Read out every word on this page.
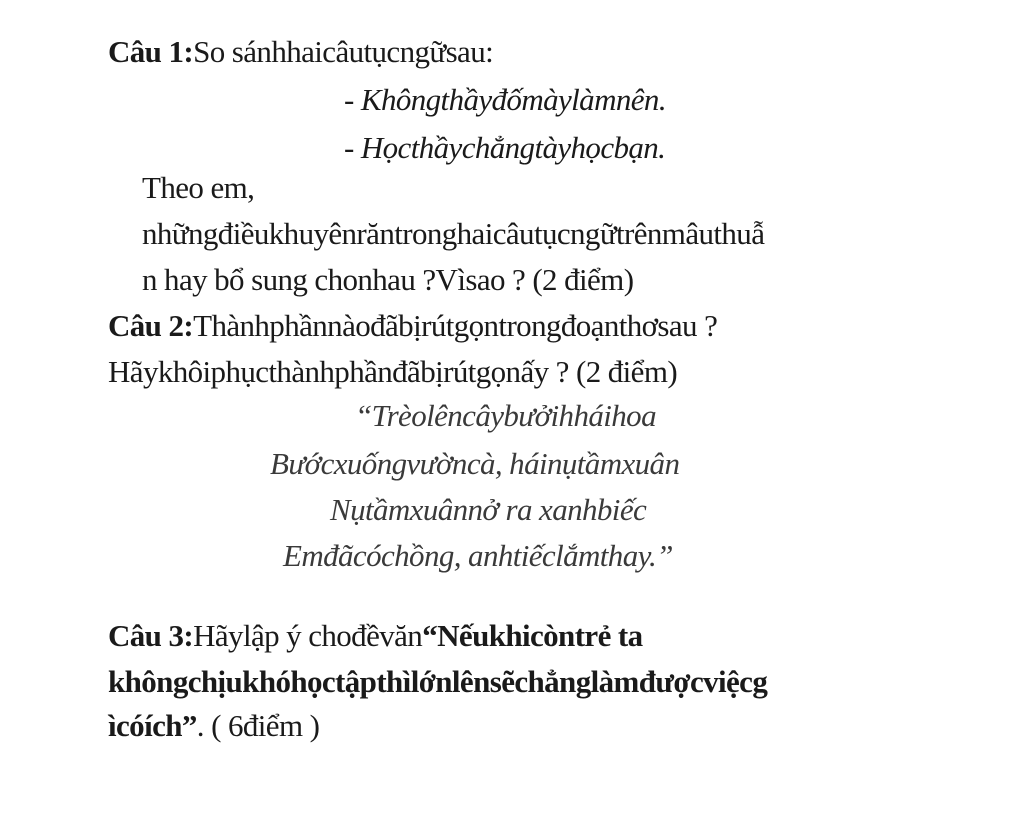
Câu 1:So sánhhaicâutụcngữsau:
- Khôngthầyđốmàylàmnên.
- Họcthầychẳngtàyhọcbạn.
Theo em,
nhữngđiềukhuyênrăntronghaicâutụcngữtrênmâuthuẫ
n hay bổ sung chonhau ?Vìsao ? (2 điểm)
Câu 2:Thànhphầnnàođãbịrútgọntrongđoạnthơsau ?
Hãykhôiphụcthànhphầnđãbịrútgọnấy ? (2 điểm)
“Trèolêncâybưởihháihoa
Bướcxuốngvườncà, háinụtầmxuân
Nụtầmxuânnở ra xanhbiếc
Emđãcóchồng, anhtiếclắmthay.”
Câu 3:Hãylập ý chođềvăn“Nếukhicòntrẻ ta
khôngchịukhóhọctậpthìlớnlênsẽchẳnglàmđượcviệcg
ìcóích”. ( 6điểm )
